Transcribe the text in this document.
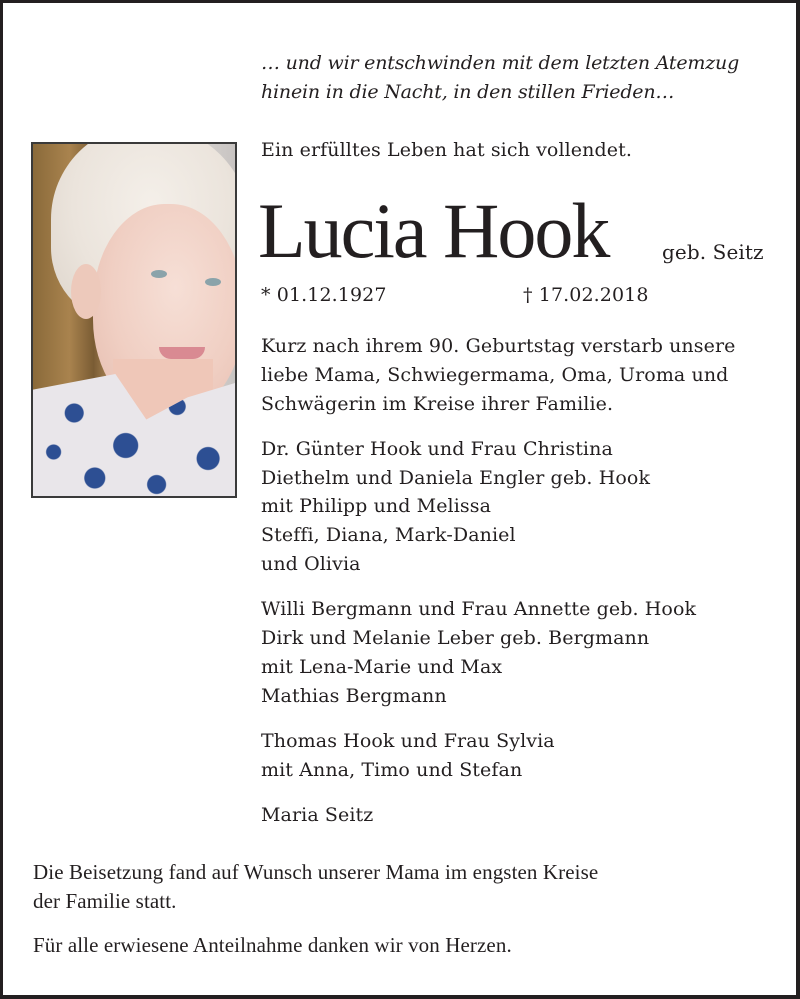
… und wir entschwinden mit dem letzten Atemzug
hinein in die Nacht, in den stillen Frieden…
Ein erfülltes Leben hat sich vollendet.
Lucia Hook	geb. Seitz
* 01.12.1927	† 17.02.2018
Kurz nach ihrem 90. Geburtstag verstarb unsere
liebe Mama, Schwiegermama, Oma, Uroma und
Schwägerin im Kreise ihrer Familie.
Dr. Günter Hook und Frau Christina
Diethelm und Daniela Engler geb. Hook
mit Philipp und Melissa
Steffi, Diana, Mark-Daniel
und Olivia
Willi Bergmann und Frau Annette geb. Hook
Dirk und Melanie Leber geb. Bergmann
mit Lena-Marie und Max
Mathias Bergmann
Thomas Hook und Frau Sylvia
mit Anna, Timo und Stefan
Maria Seitz
Die Beisetzung fand auf Wunsch unserer Mama im engsten Kreise
der Familie statt.
Für alle erwiesene Anteilnahme danken wir von Herzen.
